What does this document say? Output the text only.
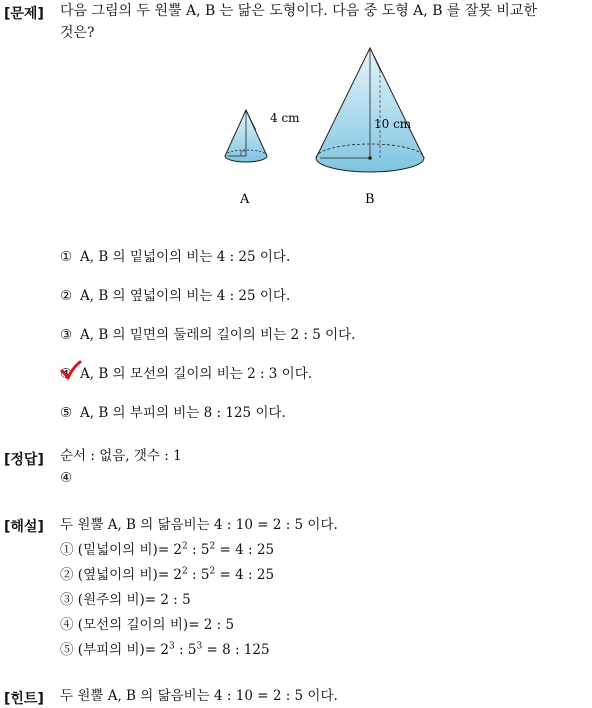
[문제] 다음 그림의 두 원뿔 A, B 는 닮은 도형이다. 다음 중 도형 A, B 를 잘못 비교한
것은?
4 cm
A
10 cm
B
① A, B 의 밑넓이의 비는 4 : 25 이다.
② A, B 의 옆넓이의 비는 4 : 25 이다.
③ A, B 의 밑면의 둘레의 길이의 비는 2 : 5 이다.
④ A, B 의 모선의 길이의 비는 2 : 3 이다.
⑤ A, B 의 부피의 비는 8 : 125 이다.
[정답] 순서 : 없음, 갯수 : 1
④
[해설] 두 원뿔 A, B 의 닮음비는 4 : 10 = 2 : 5 이다.
① (밑넓이의 비)= $2^2$ : $5^2 = 4$ : 25
② (옆넓이의 비)= $2^2$ : $5^2 = 4$ : 25
③ (원주의 비)= 2 : 5
④ (모선의 길이의 비)= 2 : 5
⑤ (부피의 비)= $2^3$ : $5^3 = 8$ : 125
[힌트] 두 원뿔 A, B 의 닮음비는 4 : 10 = 2 : 5 이다.
